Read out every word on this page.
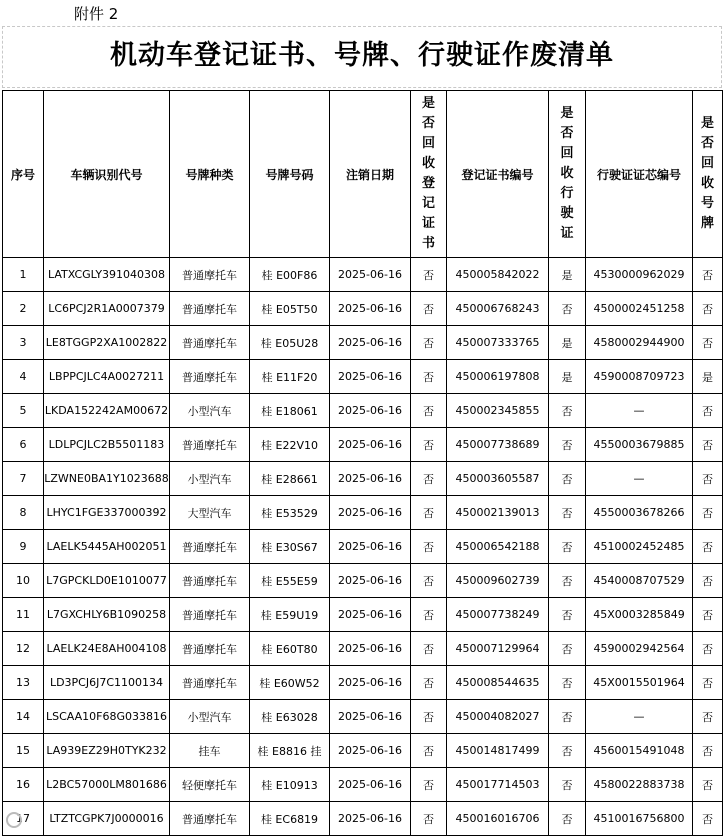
附件 2
机动车登记证书、号牌、行驶证作废清单
序号	车辆识别代号	号牌种类	号牌号码	注销日期	是否回收登记证书	登记证书编号	是否回收行驶证	行驶证证芯编号	是否回收号牌
1	LATXCGLY391040308	普通摩托车	桂 E00F86	2025-06-16	否	450005842022	是	4530000962029	否
2	LC6PCJ2R1A0007379	普通摩托车	桂 E05T50	2025-06-16	否	450006768243	否	4500002451258	否
3	LE8TGGP2XA1002822	普通摩托车	桂 E05U28	2025-06-16	否	450007333765	是	4580002944900	否
4	LBPPCJLC4A0027211	普通摩托车	桂 E11F20	2025-06-16	否	450006197808	是	4590008709723	是
5	LKDA152242AM00672	小型汽车	桂 E18061	2025-06-16	否	450002345855	否	—	否
6	LDLPCJLC2B5501183	普通摩托车	桂 E22V10	2025-06-16	否	450007738689	否	4550003679885	否
7	LZWNE0BA1Y1023688	小型汽车	桂 E28661	2025-06-16	否	450003605587	否	—	否
8	LHYC1FGE337000392	大型汽车	桂 E53529	2025-06-16	否	450002139013	否	4550003678266	否
9	LAELK5445AH002051	普通摩托车	桂 E30S67	2025-06-16	否	450006542188	否	4510002452485	否
10	L7GPCKLD0E1010077	普通摩托车	桂 E55E59	2025-06-16	否	450009602739	否	4540008707529	否
11	L7GXCHLY6B1090258	普通摩托车	桂 E59U19	2025-06-16	否	450007738249	否	45X0003285849	否
12	LAELK24E8AH004108	普通摩托车	桂 E60T80	2025-06-16	否	450007129964	否	4590002942564	否
13	LD3PCJ6J7C1100134	普通摩托车	桂 E60W52	2025-06-16	否	450008544635	否	45X0015501964	否
14	LSCAA10F68G033816	小型汽车	桂 E63028	2025-06-16	否	450004082027	否	—	否
15	LA939EZ29H0TYK232	挂车	桂 E8816 挂	2025-06-16	否	450014817499	否	4560015491048	否
16	L2BC57000LM801686	轻便摩托车	桂 E10913	2025-06-16	否	450017714503	否	4580022883738	否
17	LTZTCGPK7J0000016	普通摩托车	桂 EC6819	2025-06-16	否	450016016706	否	4510016756800	否
